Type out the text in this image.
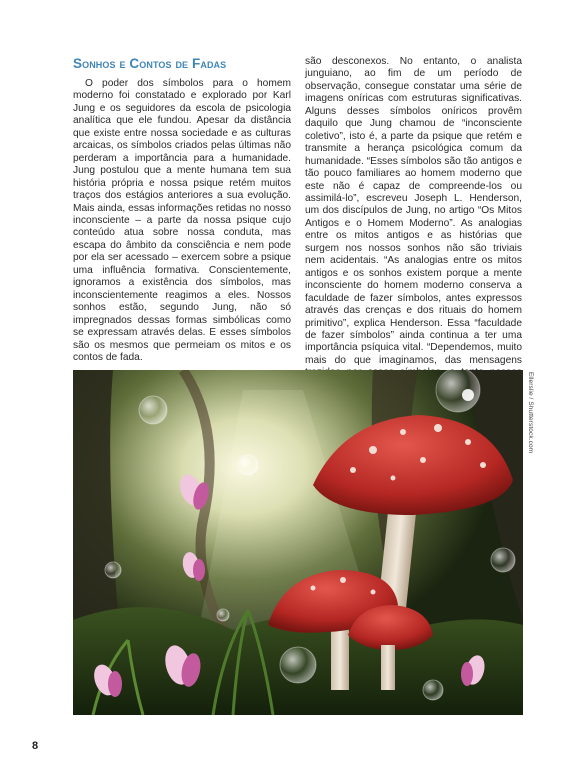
Sonhos e Contos de Fadas

O poder dos símbolos para o homem moderno foi constatado e explorado por Karl Jung e os seguidores da escola de psicologia analítica que ele fundou. Apesar da distância que existe entre nossa sociedade e as culturas arcaicas, os símbolos criados pelas últimas não perderam a importância para a humanidade. Jung postulou que a mente humana tem sua história própria e nossa psique retém muitos traços dos estágios anteriores a sua evolução. Mais ainda, essas informações retidas no nosso inconsciente – a parte da nossa psique cujo conteúdo atua sobre nossa conduta, mas escapa do âmbito da consciência e nem pode por ela ser acessado – exercem sobre a psique uma influência formativa. Conscientemente, ignoramos a existência dos símbolos, mas inconscientemente reagimos a eles. Nossos sonhos estão, segundo Jung, não só impregnados dessas formas simbólicas como se expressam através delas. E esses símbolos são os mesmos que permeiam os mitos e os contos de fada.

são desconexos. No entanto, o analista junguiano, ao fim de um período de observação, consegue constatar uma série de imagens oníricas com estruturas significativas. Alguns desses símbolos oníricos provêm daquilo que Jung chamou de “inconsciente coletivo”, isto é, a parte da psique que retém e transmite a herança psicológica comum da humanidade. “Esses símbolos são tão antigos e tão pouco familiares ao homem moderno que este não é capaz de compreende-los ou assimilá-lo”, escreveu Joseph L. Henderson, um dos discípulos de Jung, no artigo “Os Mitos Antigos e o Homem Moderno”. As analogias entre os mitos antigos e as histórias que surgem nos nossos sonhos não são triviais nem acidentais. “As analogias entre os mitos antigos e os sonhos existem porque a mente inconsciente do homem moderno conserva a faculdade de fazer símbolos, antes expressos através das crenças e dos rituais do homem primitivo”, explica Henderson. Essa “faculdade de fazer símbolos” ainda continua a ter uma importância psíquica vital. “Dependemos, muito mais do que imaginamos, das mensagens

Ellerslie / Shutterstock.com
8
